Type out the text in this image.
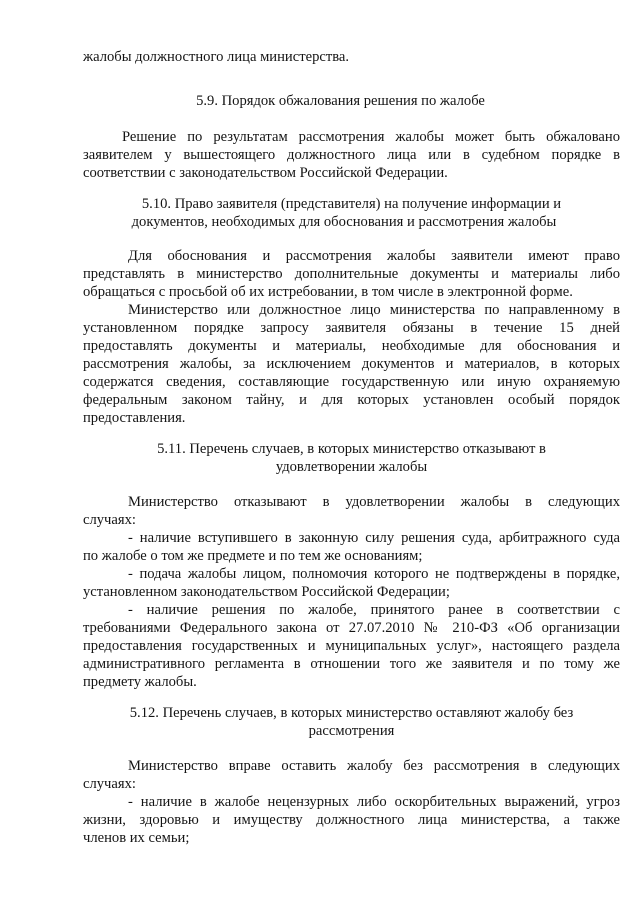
жалобы должностного лица министерства.

5.9. Порядок обжалования решения по жалобе

Решение по результатам рассмотрения жалобы может быть обжаловано

заявителем у вышестоящего должностного лица или в судебном порядке в

соответствии с законодательством Российской Федерации.

5.10. Право заявителя (представителя) на получение информации и

документов, необходимых для обоснования и рассмотрения жалобы

Для обоснования и рассмотрения жалобы заявители имеют право

представлять в министерство дополнительные документы и материалы либо

обращаться с просьбой об их истребовании, в том числе в электронной форме.

Министерство или должностное лицо министерства по направленному в

установленном порядке запросу заявителя обязаны в течение 15 дней

предоставлять документы и материалы, необходимые для обоснования и

рассмотрения жалобы, за исключением документов и материалов, в которых

содержатся сведения, составляющие государственную или иную охраняемую

федеральным законом тайну, и для которых установлен особый порядок

предоставления.

5.11. Перечень случаев, в которых министерство отказывают в

удовлетворении жалобы

Министерство отказывают в удовлетворении жалобы в следующих

случаях:

- наличие вступившего в законную силу решения суда, арбитражного суда

по жалобе о том же предмете и по тем же основаниям;

- подача жалобы лицом, полномочия которого не подтверждены в порядке,

установленном законодательством Российской Федерации;

- наличие решения по жалобе, принятого ранее в соответствии с

требованиями Федерального закона от 27.07.2010 № 210-ФЗ «Об организации

предоставления государственных и муниципальных услуг», настоящего раздела

административного регламента в отношении того же заявителя и по тому же

предмету жалобы.

5.12. Перечень случаев, в которых министерство оставляют жалобу без

рассмотрения

Министерство вправе оставить жалобу без рассмотрения в следующих

случаях:

- наличие в жалобе нецензурных либо оскорбительных выражений, угроз

жизни, здоровью и имуществу должностного лица министерства, а также

членов их семьи;
